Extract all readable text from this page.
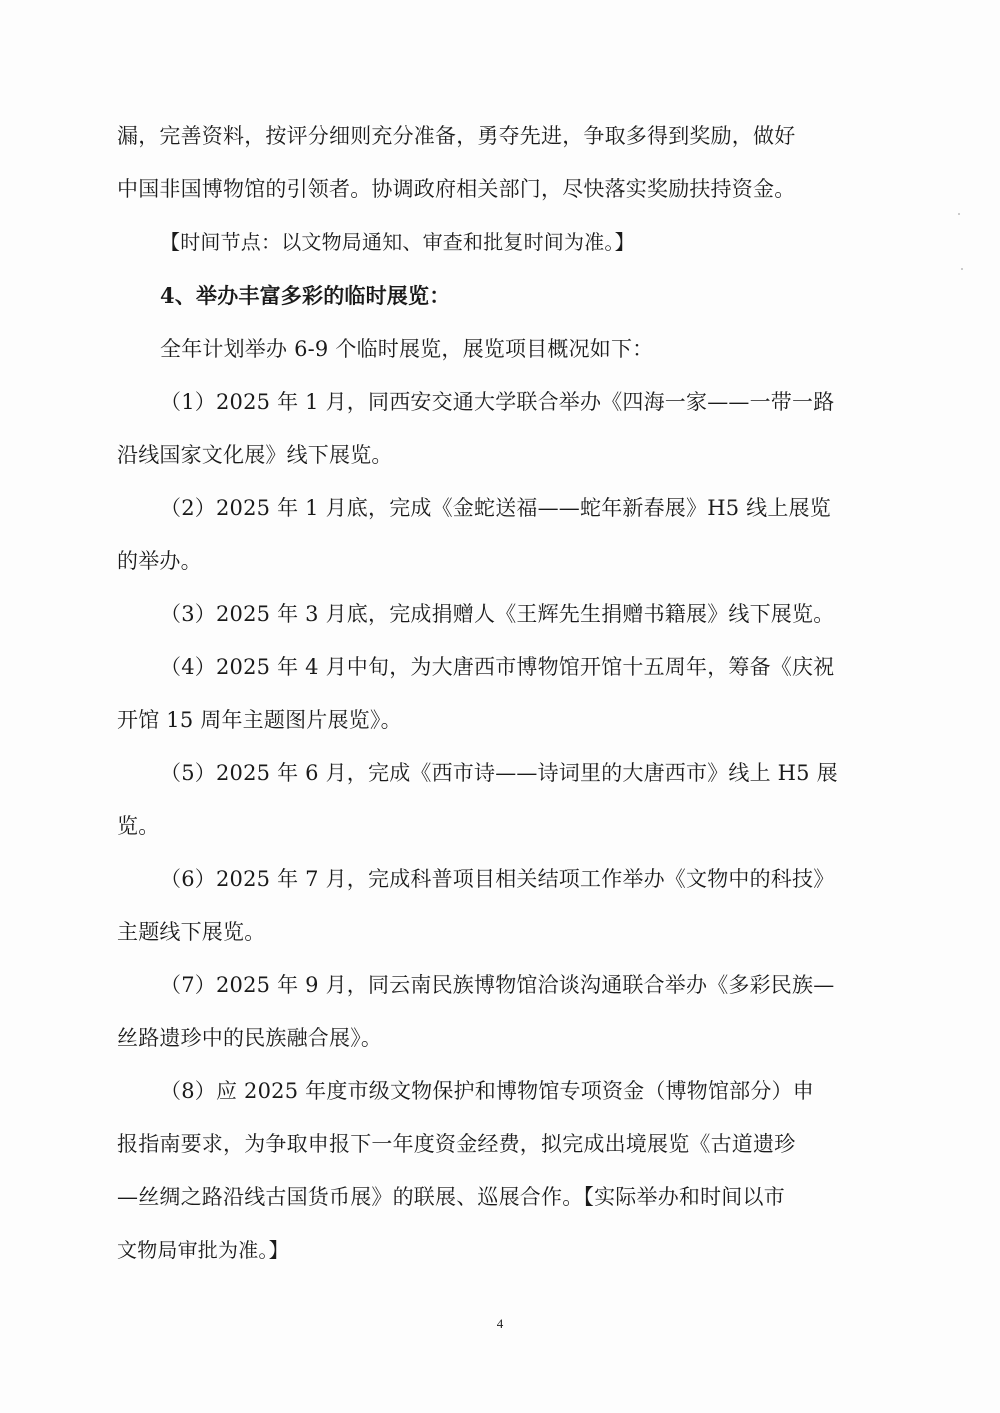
漏，完善资料，按评分细则充分准备，勇夺先进，争取多得到奖励，做好
中国非国博物馆的引领者。协调政府相关部门，尽快落实奖励扶持资金。
【时间节点：以文物局通知、审查和批复时间为准。】
4、举办丰富多彩的临时展览：
全年计划举办 6-9 个临时展览，展览项目概况如下：
（1）2025 年 1 月，同西安交通大学联合举办《四海一家——一带一路
沿线国家文化展》线下展览。
（2）2025 年 1 月底，完成《金蛇送福——蛇年新春展》H5 线上展览
的举办。
（3）2025 年 3 月底，完成捐赠人《王辉先生捐赠书籍展》线下展览。
（4）2025 年 4 月中旬，为大唐西市博物馆开馆十五周年，筹备《庆祝
开馆 15 周年主题图片展览》。
（5）2025 年 6 月，完成《西市诗——诗词里的大唐西市》线上 H5 展
览。
（6）2025 年 7 月，完成科普项目相关结项工作举办《文物中的科技》
主题线下展览。
（7）2025 年 9 月，同云南民族博物馆洽谈沟通联合举办《多彩民族—
丝路遗珍中的民族融合展》。
（8）应 2025 年度市级文物保护和博物馆专项资金（博物馆部分）申
报指南要求，为争取申报下一年度资金经费，拟完成出境展览《古道遗珍
—丝绸之路沿线古国货币展》的联展、巡展合作。【实际举办和时间以市
文物局审批为准。】
4
